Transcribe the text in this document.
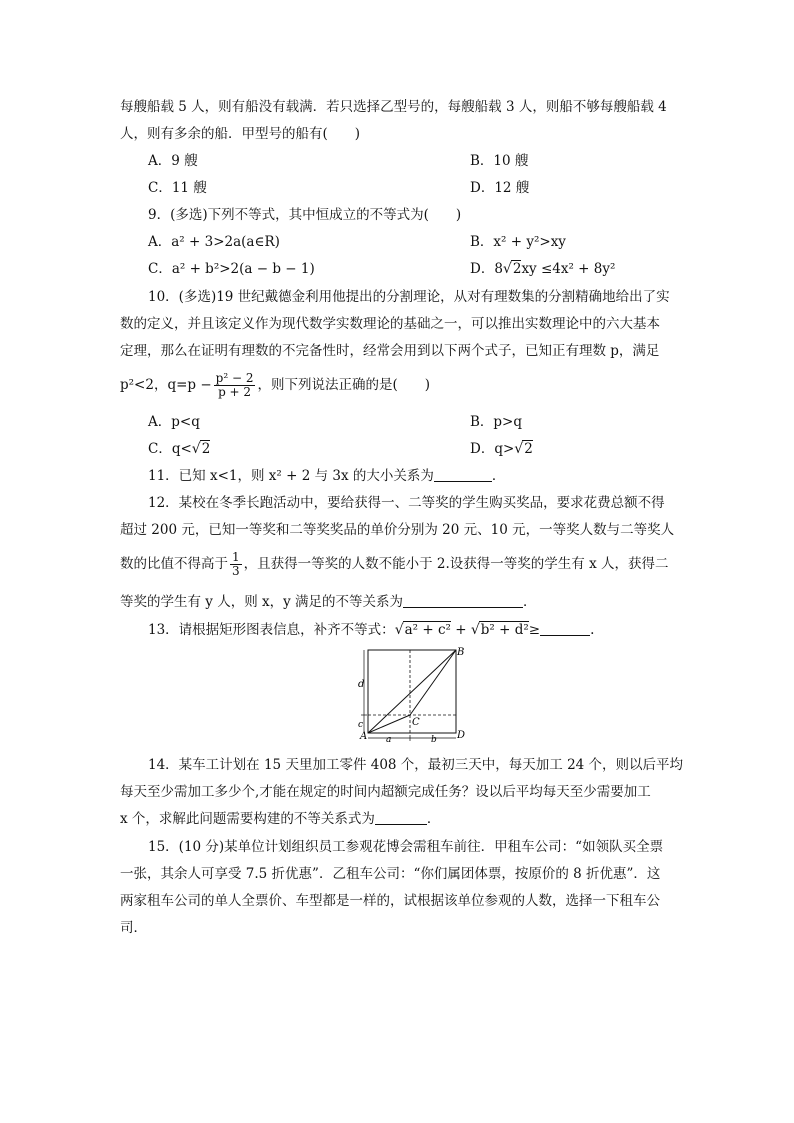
每艘船载 5 人，则有船没有载满．若只选择乙型号的，每艘船载 3 人，则船不够每艘船载 4
人，则有多余的船．甲型号的船有(　　)
A．9 艘	B．10 艘
C．11 艘	D．12 艘
9．(多选)下列不等式，其中恒成立的不等式为(　　)
A．a² + 3>2a(a∈R)	B．x² + y²>xy
C．a² + b²>2(a − b − 1)	D．8√2xy ≤4x² + 8y²
10．(多选)19 世纪戴德金利用他提出的分割理论，从对有理数集的分割精确地给出了实
数的定义，并且该定义作为现代数学实数理论的基础之一，可以推出实数理论中的六大基本
定理，那么在证明有理数的不完备性时，经常会用到以下两个式子，已知正有理数 p，满足
p²<2，$q=p - \frac{\text{p² − 2}}{p + 2}$ ，则下列说法正确的是(　　)
A．p<q	B．p>q
C．q<√2	D．q>√2
11．已知 x<1，则 x² + 2 与 3x 的大小关系为	．
12．某校在冬季长跑活动中，要给获得一、二等奖的学生购买奖品，要求花费总额不得
超过 200 元，已知一等奖和二等奖奖品的单价分别为 20 元、10 元，一等奖人数与二等奖人
数的比值不得高于 $\frac{1}{3}$ ，且获得一等奖的人数不能小于 2.设获得一等奖的学生有 x 人，获得二
等奖的学生有 y 人，则 x，y 满足的不等关系为	．
13．请根据矩形图表信息，补齐不等式：√a² + c² + √b² + d²≥	.
B
D
A
C
d
c
a	b
14．某车工计划在 15 天里加工零件 408 个，最初三天中，每天加工 24 个，则以后平均
每天至少需加工多少个,才能在规定的时间内超额完成任务？设以后平均每天至少需要加工
x 个，求解此问题需要构建的不等关系式为	．
15．(10 分)某单位计划组织员工参观花博会需租车前往．甲租车公司：“如领队买全票
一张，其余人可享受 7.5 折优惠”．乙租车公司：“你们属团体票，按原价的 8 折优惠”．这
两家租车公司的单人全票价、车型都是一样的，试根据该单位参观的人数，选择一下租车公
司．
